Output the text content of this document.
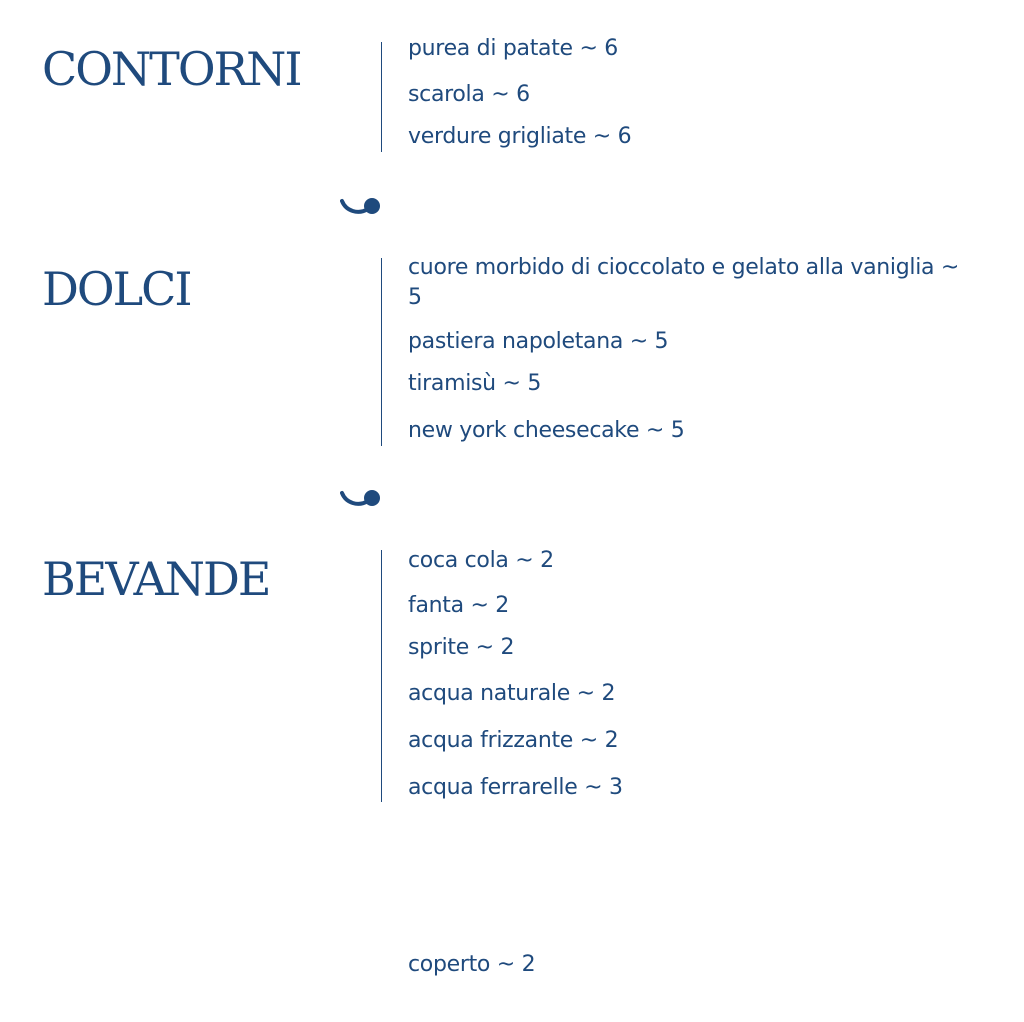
CONTORNI	purea di patate ~ 6
scarola ~ 6
verdure grigliate ~ 6
DOLCI	cuore morbido di cioccolato e gelato alla vaniglia ~ 5
pastiera napoletana ~ 5
tiramisù ~ 5
new york cheesecake ~ 5
BEVANDE	coca cola ~ 2
fanta ~ 2
sprite ~ 2
acqua naturale ~ 2
acqua frizzante ~ 2
acqua ferrarelle ~ 3
coperto ~ 2
